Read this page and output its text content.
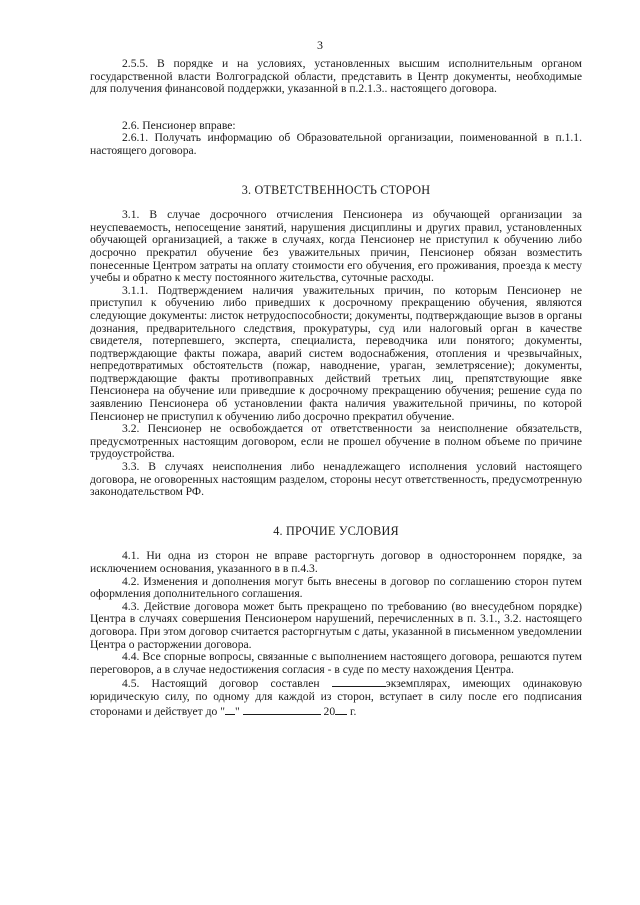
3

2.5.5. В порядке и на условиях, установленных высшим исполнительным органом государственной власти Волгоградской области, представить в Центр документы, необходимые для получения финансовой поддержки, указанной в п.2.1.3.. настоящего договора.

2.6. Пенсионер вправе:

2.6.1. Получать информацию об Образовательной организации, поименованной в п.1.1. настоящего договора.

3. ОТВЕТСТВЕННОСТЬ СТОРОН

3.1. В случае досрочного отчисления Пенсионера из обучающей организации за неуспеваемость, непосещение занятий, нарушения дисциплины и других правил, установленных обучающей организацией, а также в случаях, когда Пенсионер не приступил к обучению либо досрочно прекратил обучение без уважительных причин, Пенсионер обязан возместить понесенные Центром затраты на оплату стоимости его обучения, его проживания, проезда к месту учебы и обратно к месту постоянного жительства, суточные расходы.

3.1.1. Подтверждением наличия уважительных причин, по которым Пенсионер не приступил к обучению либо приведших к досрочному прекращению обучения, являются следующие документы: листок нетрудоспособности; документы, подтверждающие вызов в органы дознания, предварительного следствия, прокуратуры, суд или налоговый орган в качестве свидетеля, потерпевшего, эксперта, специалиста, переводчика или понятого; документы, подтверждающие факты пожара, аварий систем водоснабжения, отопления и чрезвычайных, непредотвратимых обстоятельств (пожар, наводнение, ураган, землетрясение); документы, подтверждающие факты противоправных действий третьих лиц, препятствующие явке Пенсионера на обучение или приведшие к досрочному прекращению обучения; решение суда по заявлению Пенсионера об установлении факта наличия уважительной причины, по которой Пенсионер не приступил к обучению либо досрочно прекратил обучение.

3.2. Пенсионер не освобождается от ответственности за неисполнение обязательств, предусмотренных настоящим договором, если не прошел обучение в полном объеме по причине трудоустройства.

3.3. В случаях неисполнения либо ненадлежащего исполнения условий настоящего договора, не оговоренных настоящим разделом, стороны несут ответственность, предусмотренную законодательством РФ.

4. ПРОЧИЕ УСЛОВИЯ

4.1. Ни одна из сторон не вправе расторгнуть договор в одностороннем порядке, за исключением основания, указанного в в п.4.3.

4.2. Изменения и дополнения могут быть внесены в договор по соглашению сторон путем оформления дополнительного соглашения.

4.3. Действие договора может быть прекращено по требованию (во внесудебном порядке) Центра в случаях совершения Пенсионером нарушений, перечисленных в п. 3.1., 3.2. настоящего договора. При этом договор считается расторгнутым с даты, указанной в письменном уведомлении Центра о расторжении договора.

4.4. Все спорные вопросы, связанные с выполнением настоящего договора, решаются путем переговоров, а в случае недостижения согласия - в суде по месту нахождения Центра.

4.5. Настоящий договор составлен	экземплярах, имеющих одинаковую юридическую силу, по одному для каждой из сторон, вступает в силу после его подписания сторонами и действует до " "	20 г.
